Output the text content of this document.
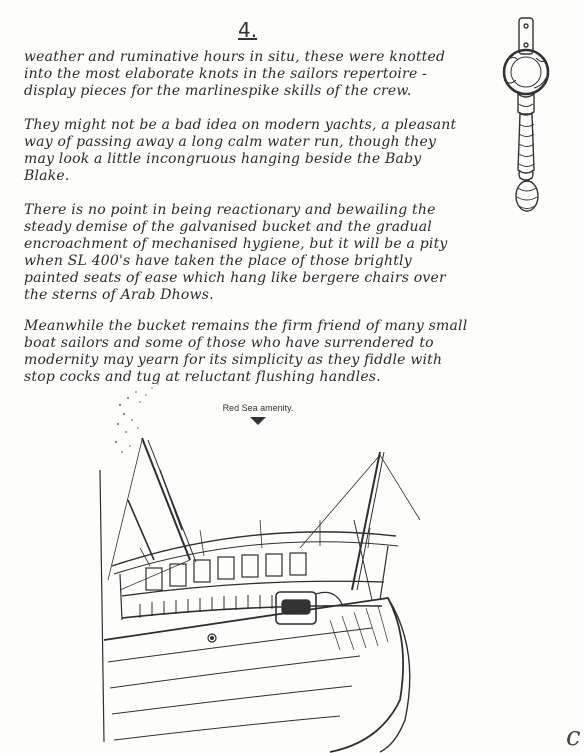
4.

weather and ruminative hours in situ, these were knotted
into the most elaborate knots in the sailors repertoire -
display pieces for the marlinespike skills of the crew.

They might not be a bad idea on modern yachts, a pleasant
way of passing away a long calm water run, though they
may look a little incongruous hanging beside the Baby
Blake.

There is no point in being reactionary and bewailing the
steady demise of the galvanised bucket and the gradual
encroachment of mechanised hygiene, but it will be a pity
when SL 400's have taken the place of those brightly
painted seats of ease which hang like bergere chairs over
the sterns of Arab Dhows.

Meanwhile the bucket remains the firm friend of many small
boat sailors and some of those who have surrendered to
modernity may yearn for its simplicity as they fiddle with
stop cocks and tug at reluctant flushing handles.

Red Sea amenity.
c
